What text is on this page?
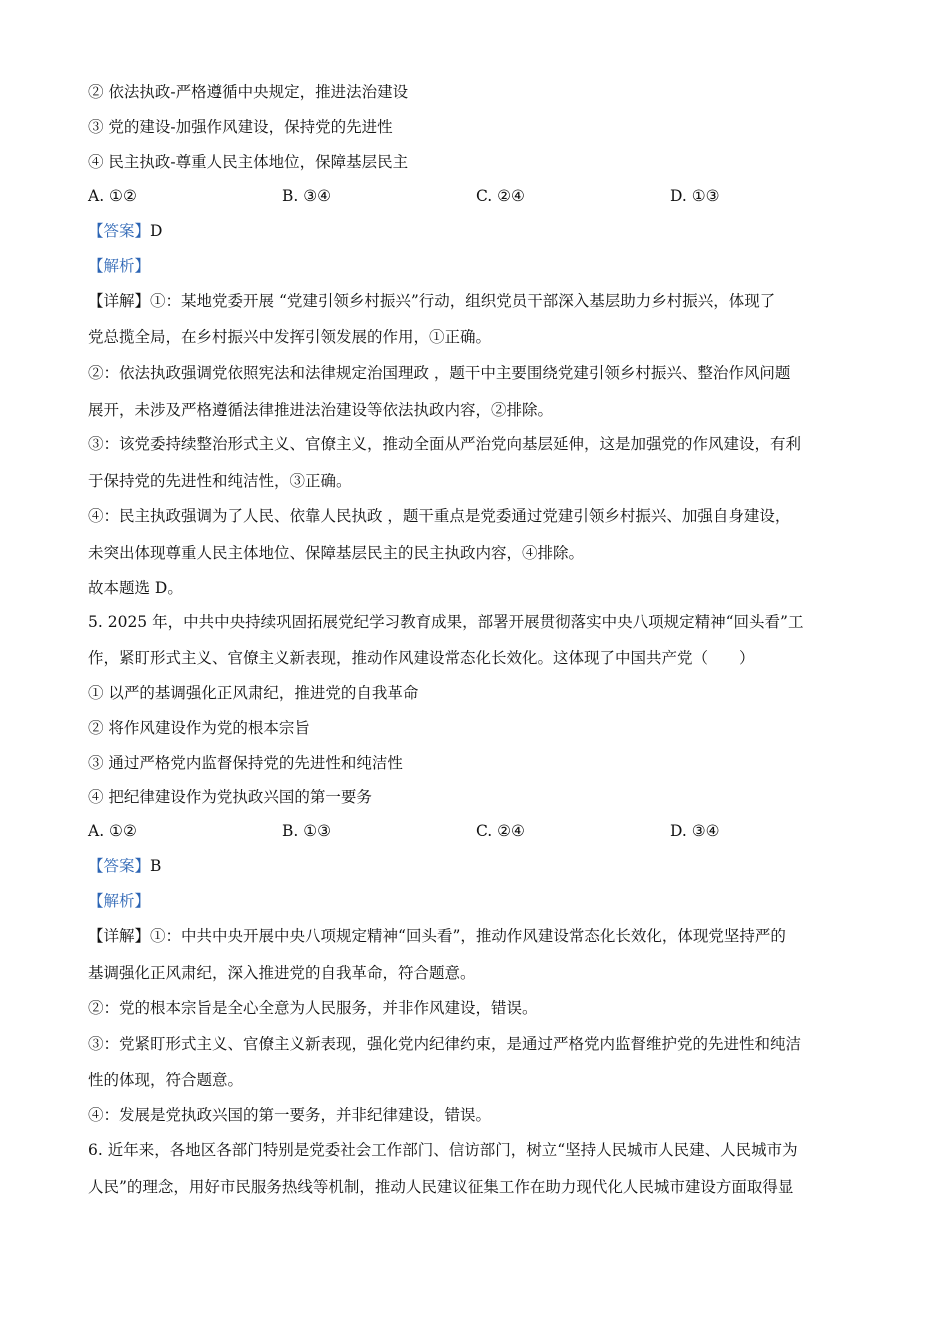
② 依法执政-严格遵循中央规定，推进法治建设
③ 党的建设-加强作风建设，保持党的先进性
④ 民主执政-尊重人民主体地位，保障基层民主
A. ①②	B. ③④	C. ②④	D. ①③
【答案】D
【解析】
【详解】①：某地党委开展 “党建引领乡村振兴”行动，组织党员干部深入基层助力乡村振兴，体现了
党总揽全局，在乡村振兴中发挥引领发展的作用，①正确。
②：依法执政强调党依照宪法和法律规定治国理政 ，题干中主要围绕党建引领乡村振兴、整治作风问题
展开，未涉及严格遵循法律推进法治建设等依法执政内容，②排除。
③：该党委持续整治形式主义、官僚主义，推动全面从严治党向基层延伸，这是加强党的作风建设，有利
于保持党的先进性和纯洁性，③正确。
④：民主执政强调为了人民、依靠人民执政 ，题干重点是党委通过党建引领乡村振兴、加强自身建设，
未突出体现尊重人民主体地位、保障基层民主的民主执政内容，④排除。
故本题选 D。
5. 2025 年，中共中央持续巩固拓展党纪学习教育成果，部署开展贯彻落实中央八项规定精神“回头看”工
作，紧盯形式主义、官僚主义新表现，推动作风建设常态化长效化。这体现了中国共产党（　　）
① 以严的基调强化正风肃纪，推进党的自我革命
② 将作风建设作为党的根本宗旨
③ 通过严格党内监督保持党的先进性和纯洁性
④ 把纪律建设作为党执政兴国的第一要务
A. ①②	B. ①③	C. ②④	D. ③④
【答案】B
【解析】
【详解】①：中共中央开展中央八项规定精神“回头看”，推动作风建设常态化长效化，体现党坚持严的
基调强化正风肃纪，深入推进党的自我革命，符合题意。
②：党的根本宗旨是全心全意为人民服务，并非作风建设，错误。
③：党紧盯形式主义、官僚主义新表现，强化党内纪律约束，是通过严格党内监督维护党的先进性和纯洁
性的体现，符合题意。
④：发展是党执政兴国的第一要务，并非纪律建设，错误。
6. 近年来，各地区各部门特别是党委社会工作部门、信访部门，树立“坚持人民城市人民建、人民城市为
人民”的理念，用好市民服务热线等机制，推动人民建议征集工作在助力现代化人民城市建设方面取得显
